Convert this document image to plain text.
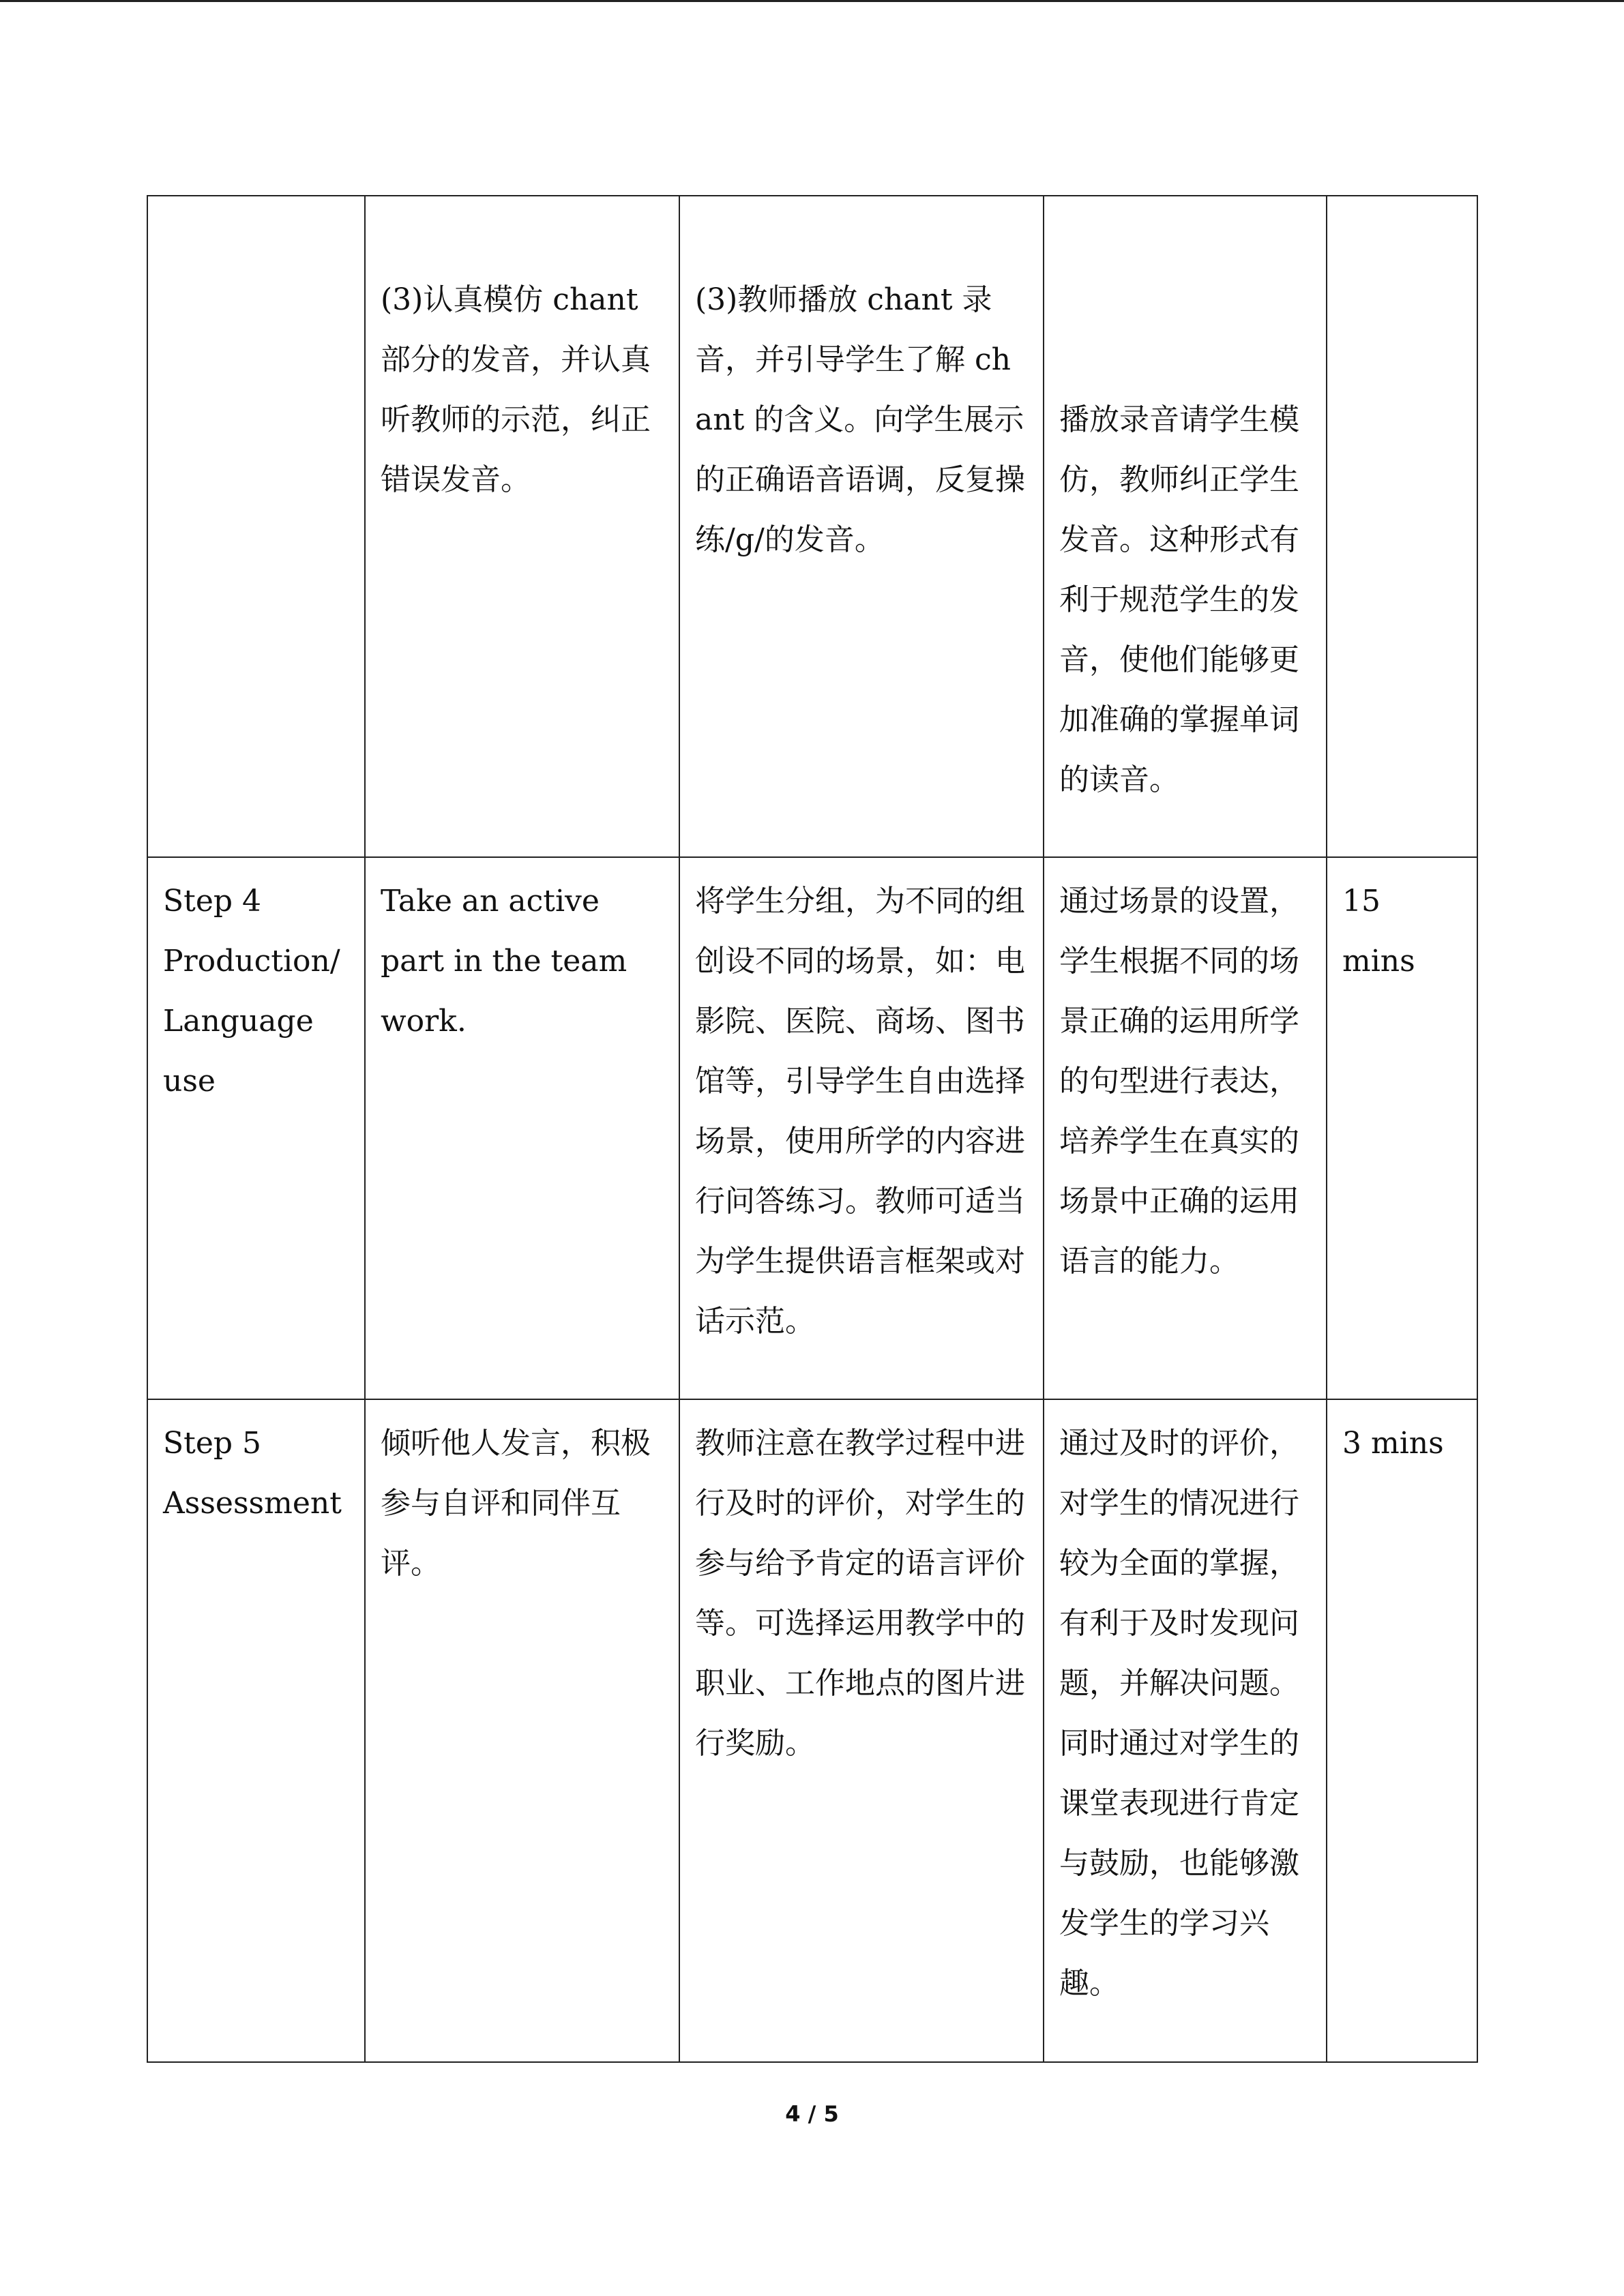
	(3)认真模仿 chant 部分的发音，并认真听教师的示范，纠正错误发音。	(3)教师播放 chant 录音，并引导学生了解 chant 的含义。向学生展示的正确语音语调，反复操练/g/的发音。	播放录音请学生模仿，教师纠正学生发音。这种形式有利于规范学生的发音，使他们能够更加准确的掌握单词的读音。	
Step 4 Production/ Language use	Take an active part in the team work.	将学生分组，为不同的组创设不同的场景，如：电影院、医院、商场、图书馆等，引导学生自由选择场景，使用所学的内容进行问答练习。教师可适当为学生提供语言框架或对话示范。	通过场景的设置，学生根据不同的场景正确的运用所学的句型进行表达，培养学生在真实的场景中正确的运用语言的能力。	15 mins
Step 5 Assessment	倾听他人发言，积极参与自评和同伴互评。	教师注意在教学过程中进行及时的评价，对学生的参与给予肯定的语言评价等。可选择运用教学中的职业、工作地点的图片进行奖励。	通过及时的评价，对学生的情况进行较为全面的掌握，有利于及时发现问题，并解决问题。同时通过对学生的课堂表现进行肯定与鼓励，也能够激发学生的学习兴趣。	3 mins
4 / 5
